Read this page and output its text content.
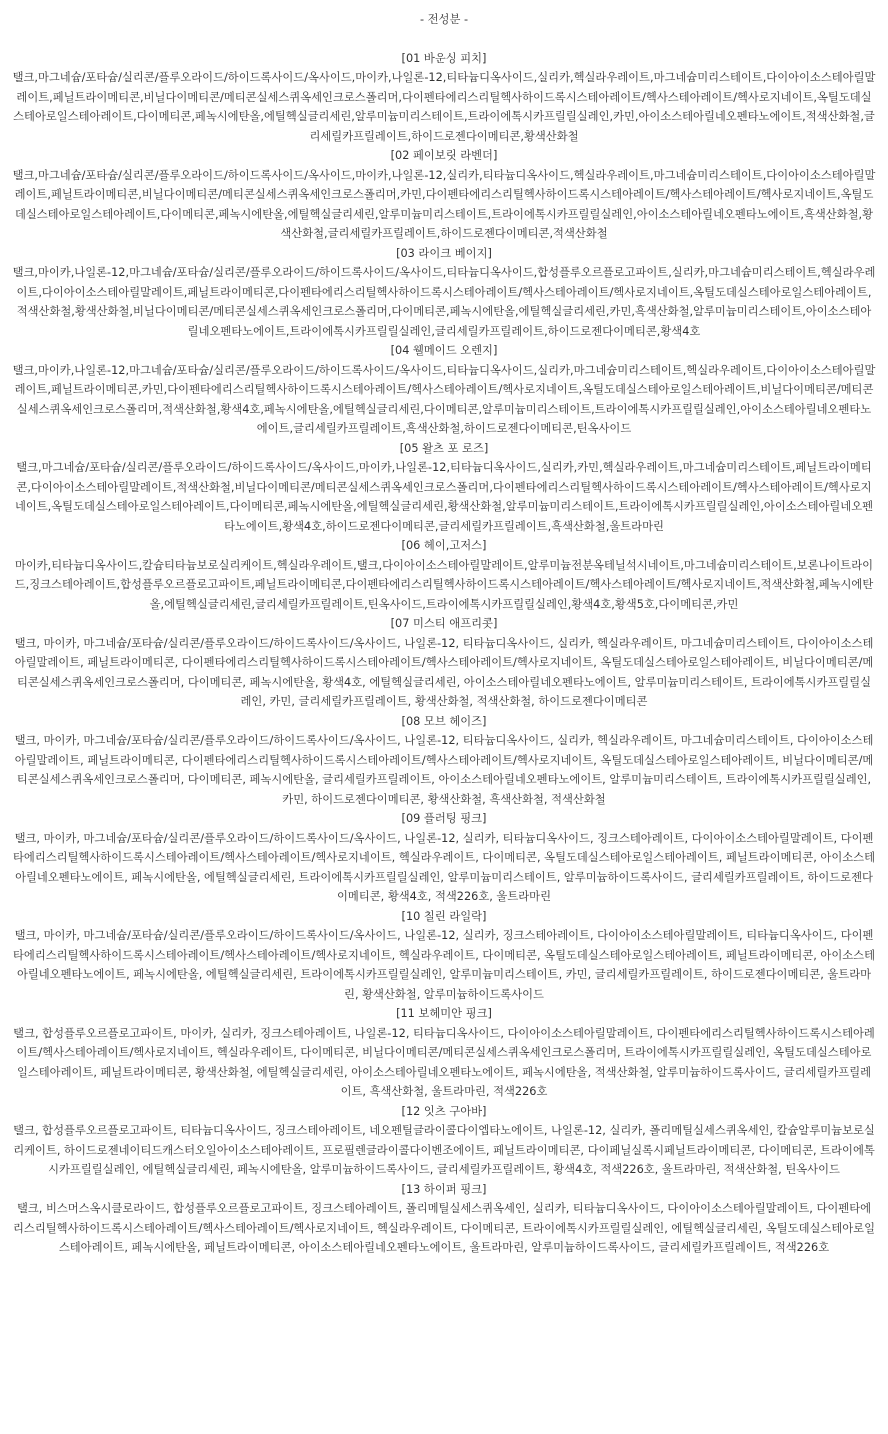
- 전성분 -
[01 바운싱 피치]
탤크,마그네슘/포타슘/실리콘/플루오라이드/하이드록사이드/옥사이드,마이카,나일론-12,티타늄디옥사이드,실리카,헥실라우레이트,마그네슘미리스테이트,다이아이소스테아릴말레이트,페닐트라이메티콘,비닐다이메티콘/메티콘실세스퀴옥세인크로스폴리머,다이펜타에리스리틸헥사하이드록시스테아레이트/헥사스테아레이트/헥사로지네이트,옥틸도데실스테아로일스테아레이트,다이메티콘,페녹시에탄올,에틸헥실글리세린,알루미늄미리스테이트,트라이에톡시카프릴릴실레인,카민,아이소스테아릴네오펜타노에이트,적색산화철,글리세릴카프릴레이트,하이드로젠다이메티콘,황색산화철
[02 페이보릿 라벤더]
탤크,마그네슘/포타슘/실리콘/플루오라이드/하이드록사이드/옥사이드,마이카,나일론-12,실리카,티타늄디옥사이드,헥실라우레이트,마그네슘미리스테이트,다이아이소스테아릴말레이트,페닐트라이메티콘,비닐다이메티콘/메티콘실세스퀴옥세인크로스폴리머,카민,다이펜타에리스리틸헥사하이드록시스테아레이트/헥사스테아레이트/헥사로지네이트,옥틸도데실스테아로일스테아레이트,다이메티콘,페녹시에탄올,에틸헥실글리세린,알루미늄미리스테이트,트라이에톡시카프릴릴실레인,아이소스테아릴네오펜타노에이트,흑색산화철,황색산화철,글리세릴카프릴레이트,하이드로젠다이메티콘,적색산화철
[03 라이크 베이지]
탤크,마이카,나일론-12,마그네슘/포타슘/실리콘/플루오라이드/하이드록사이드/옥사이드,티타늄디옥사이드,합성플루오르플로고파이트,실리카,마그네슘미리스테이트,헥실라우레이트,다이아이소스테아릴말레이트,페닐트라이메티콘,다이펜타에리스리틸헥사하이드록시스테아레이트/헥사스테아레이트/헥사로지네이트,옥틸도데실스테아로일스테아레이트,적색산화철,황색산화철,비닐다이메티콘/메티콘실세스퀴옥세인크로스폴리머,다이메티콘,페녹시에탄올,에틸헥실글리세린,카민,흑색산화철,알루미늄미리스테이트,아이소스테아릴네오펜타노에이트,트라이에톡시카프릴릴실레인,글리세릴카프릴레이트,하이드로젠다이메티콘,황색4호
[04 웰메이드 오렌지]
탤크,마이카,나일론-12,마그네슘/포타슘/실리콘/플루오라이드/하이드록사이드/옥사이드,티타늄디옥사이드,실리카,마그네슘미리스테이트,헥실라우레이트,다이아이소스테아릴말레이트,페닐트라이메티콘,카민,다이펜타에리스리틸헥사하이드록시스테아레이트/헥사스테아레이트/헥사로지네이트,옥틸도데실스테아로일스테아레이트,비닐다이메티콘/메티콘실세스퀴옥세인크로스폴리머,적색산화철,황색4호,페녹시에탄올,에틸헥실글리세린,다이메티콘,알루미늄미리스테이트,트라이에톡시카프릴릴실레인,아이소스테아릴네오펜타노에이트,글리세릴카프릴레이트,흑색산화철,하이드로젠다이메티콘,틴옥사이드
[05 왈츠 포 로즈]
탤크,마그네슘/포타슘/실리콘/플루오라이드/하이드록사이드/옥사이드,마이카,나일론-12,티타늄디옥사이드,실리카,카민,헥실라우레이트,마그네슘미리스테이트,페닐트라이메티콘,다이아이소스테아릴말레이트,적색산화철,비닐다이메티콘/메티콘실세스퀴옥세인크로스폴리머,다이펜타에리스리틸헥사하이드록시스테아레이트/헥사스테아레이트/헥사로지네이트,옥틸도데실스테아로일스테아레이트,다이메티콘,페녹시에탄올,에틸헥실글리세린,황색산화철,알루미늄미리스테이트,트라이에톡시카프릴릴실레인,아이소스테아릴네오펜타노에이트,황색4호,하이드로젠다이메티콘,글리세릴카프릴레이트,흑색산화철,울트라마린
[06 헤이,고저스]
마이카,티타늄디옥사이드,칼슘티타늄보로실리케이트,헥실라우레이트,탤크,다이아이소스테아릴말레이트,알루미늄전분옥테닐석시네이트,마그네슘미리스테이트,보론나이트라이드,징크스테아레이트,합성플루오르플로고파이트,페닐트라이메티콘,다이펜타에리스리틸헥사하이드록시스테아레이트/헥사스테아레이트/헥사로지네이트,적색산화철,페녹시에탄올,에틸헥실글리세린,글리세릴카프릴레이트,틴옥사이드,트라이에톡시카프릴릴실레인,황색4호,황색5호,다이메티콘,카민
[07 미스티 애프리콧]
탤크, 마이카, 마그네슘/포타슘/실리콘/플루오라이드/하이드록사이드/옥사이드, 나일론-12, 티타늄디옥사이드, 실리카, 헥실라우레이트, 마그네슘미리스테이트, 다이아이소스테아릴말레이트, 페닐트라이메티콘, 다이펜타에리스리틸헥사하이드록시스테아레이트/헥사스테아레이트/헥사로지네이트, 옥틸도데실스테아로일스테아레이트, 비닐다이메티콘/메티콘실세스퀴옥세인크로스폴리머, 다이메티콘, 페녹시에탄올, 황색4호, 에틸헥실글리세린, 아이소스테아릴네오펜타노에이트, 알루미늄미리스테이트, 트라이에톡시카프릴릴실레인, 카민, 글리세릴카프릴레이트, 황색산화철, 적색산화철, 하이드로젠다이메티콘
[08 모브 헤이즈]
탤크, 마이카, 마그네슘/포타슘/실리콘/플루오라이드/하이드록사이드/옥사이드, 나일론-12, 티타늄디옥사이드, 실리카, 헥실라우레이트, 마그네슘미리스테이트, 다이아이소스테아릴말레이트, 페닐트라이메티콘, 다이펜타에리스리틸헥사하이드록시스테아레이트/헥사스테아레이트/헥사로지네이트, 옥틸도데실스테아로일스테아레이트, 비닐다이메티콘/메티콘실세스퀴옥세인크로스폴리머, 다이메티콘, 페녹시에탄올, 글리세릴카프릴레이트, 아이소스테아릴네오펜타노에이트, 알루미늄미리스테이트, 트라이에톡시카프릴릴실레인, 카민, 하이드로젠다이메티콘, 황색산화철, 흑색산화철, 적색산화철
[09 플러팅 핑크]
탤크, 마이카, 마그네슘/포타슘/실리콘/플루오라이드/하이드록사이드/옥사이드, 나일론-12, 실리카, 티타늄디옥사이드, 징크스테아레이트, 다이아이소스테아릴말레이트, 다이펜타에리스리틸헥사하이드록시스테아레이트/헥사스테아레이트/헥사로지네이트, 헥실라우레이트, 다이메티콘, 옥틸도데실스테아로일스테아레이트, 페닐트라이메티콘, 아이소스테아릴네오펜타노에이트, 페녹시에탄올, 에틸헥실글리세린, 트라이에톡시카프릴릴실레인, 알루미늄미리스테이트, 알루미늄하이드록사이드, 글리세릴카프릴레이트, 하이드로젠다이메티콘, 황색4호, 적색226호, 울트라마린
[10 칠린 라일락]
탤크, 마이카, 마그네슘/포타슘/실리콘/플루오라이드/하이드록사이드/옥사이드, 나일론-12, 실리카, 징크스테아레이트, 다이아이소스테아릴말레이트, 티타늄디옥사이드, 다이펜타에리스리틸헥사하이드록시스테아레이트/헥사스테아레이트/헥사로지네이트, 헥실라우레이트, 다이메티콘, 옥틸도데실스테아로일스테아레이트, 페닐트라이메티콘, 아이소스테아릴네오펜타노에이트, 페녹시에탄올, 에틸헥실글리세린, 트라이에톡시카프릴릴실레인, 알루미늄미리스테이트, 카민, 글리세릴카프릴레이트, 하이드로젠다이메티콘, 울트라마린, 황색산화철, 알루미늄하이드록사이드
[11 보헤미안 핑크]
탤크, 합성플루오르플로고파이트, 마이카, 실리카, 징크스테아레이트, 나일론-12, 티타늄디옥사이드, 다이아이소스테아릴말레이트, 다이펜타에리스리틸헥사하이드록시스테아레이트/헥사스테아레이트/헥사로지네이트, 헥실라우레이트, 다이메티콘, 비닐다이메티콘/메티콘실세스퀴옥세인크로스폴리머, 트라이에톡시카프릴릴실레인, 옥틸도데실스테아로일스테아레이트, 페닐트라이메티콘, 황색산화철, 에틸헥실글리세린, 아이소스테아릴네오펜타노에이트, 페녹시에탄올, 적색산화철, 알루미늄하이드록사이드, 글리세릴카프릴레이트, 흑색산화철, 울트라마린, 적색226호
[12 잇츠 구아바]
탤크, 합성플루오르플로고파이트, 티타늄디옥사이드, 징크스테아레이트, 네오펜틸글라이콜다이엡타노에이트, 나일론-12, 실리카, 폴리메틸실세스퀴옥세인, 칼슘알루미늄보로실리케이트, 하이드로젠네이티드캐스터오일아이소스테아레이트, 프로필렌글라이콜다이벤조에이트, 페닐트라이메티콘, 다이페닐실록시페닐트라이메티콘, 다이메티콘, 트라이에톡시카프릴릴실레인, 에틸헥실글리세린, 페녹시에탄올, 알루미늄하이드록사이드, 글리세릴카프릴레이트, 황색4호, 적색226호, 울트라마린, 적색산화철, 틴옥사이드
[13 하이퍼 핑크]
탤크, 비스머스옥시클로라이드, 합성플루오르플로고파이트, 징크스테아레이트, 폴리메틸실세스퀴옥세인, 실리카, 티타늄디옥사이드, 다이아이소스테아릴말레이트, 다이펜타에리스리틸헥사하이드록시스테아레이트/헥사스테아레이트/헥사로지네이트, 헥실라우레이트, 다이메티콘, 트라이에톡시카프릴릴실레인, 에틸헥실글리세린, 옥틸도데실스테아로일스테아레이트, 페녹시에탄올, 페닐트라이메티콘, 아이소스테아릴네오펜타노에이트, 울트라마린, 알루미늄하이드록사이드, 글리세릴카프릴레이트, 적색226호
